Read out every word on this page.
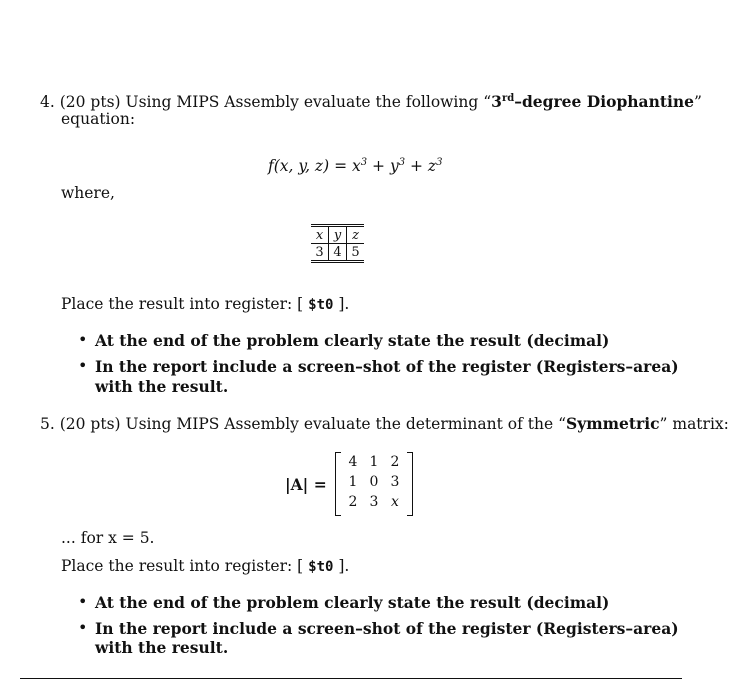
4. (20 pts) Using MIPS Assembly evaluate the following “3rd–degree Diophantine”
equation:
f(x, y, $z) = x^3 + y^3 + z^3$
where,
x	y	z
3	4	5
Place the result into register: [ $t0 ].
• At the end of the problem clearly state the result (decimal)
• In the report include a screen–shot of the register (Registers–area)
with the result.
5. (20 pts) Using MIPS Assembly evaluate the determinant of the “Symmetric” matrix:
|A| =
4 1 2
1 0 3
2 3 x
... for x = 5.
Place the result into register: [ $t0 ].
• At the end of the problem clearly state the result (decimal)
• In the report include a screen–shot of the register (Registers–area)
with the result.
